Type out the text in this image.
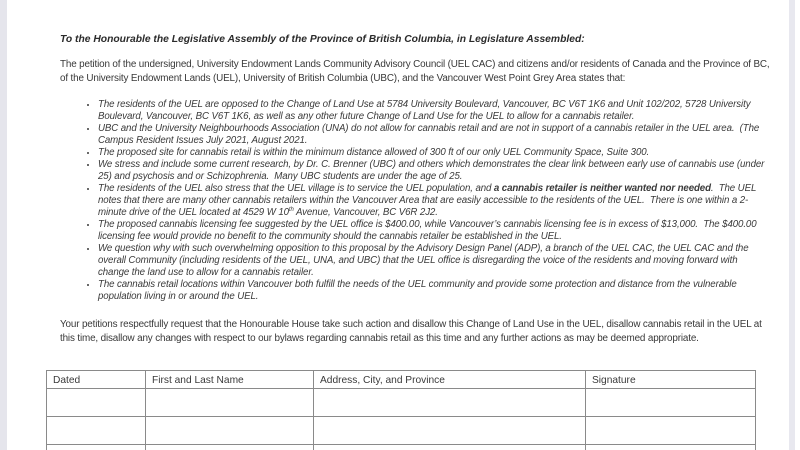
To the Honourable the Legislative Assembly of the Province of British Columbia, in Legislature Assembled:

The petition of the undersigned, University Endowment Lands Community Advisory Council (UEL CAC) and citizens and/or residents of Canada and the Province of BC, of the University Endowment Lands (UEL), University of British Columbia (UBC), and the Vancouver West Point Grey Area states that:

• The residents of the UEL are opposed to the Change of Land Use at 5784 University Boulevard, Vancouver, BC V6T 1K6 and Unit 102/202, 5728 University Boulevard, Vancouver, BC V6T 1K6, as well as any other future Change of Land Use for the UEL to allow for a cannabis retailer.
• UBC and the University Neighbourhoods Association (UNA) do not allow for cannabis retail and are not in support of a cannabis retailer in the UEL area.  (The Campus Resident Issues July 2021, August 2021.
• The proposed site for cannabis retail is within the minimum distance allowed of 300 ft of our only UEL Community Space, Suite 300.
• We stress and include some current research, by Dr. C. Brenner (UBC) and others which demonstrates the clear link between early use of cannabis use (under 25) and psychosis and or Schizophrenia.  Many UBC students are under the age of 25.
• The residents of the UEL also stress that the UEL village is to service the UEL population, and a cannabis retailer is neither wanted nor needed.  The UEL notes that there are many other cannabis retailers within the Vancouver Area that are easily accessible to the residents of the UEL.  There is one within a 2-minute drive of the UEL located at 4529 W 10th Avenue, Vancouver, BC V6R 2J2.
• The proposed cannabis licensing fee suggested by the UEL office is $400.00, while Vancouver’s cannabis licensing fee is in excess of $13,000.  The $400.00 licensing fee would provide no benefit to the community should the cannabis retailer be established in the UEL.
• We question why with such overwhelming opposition to this proposal by the Advisory Design Panel (ADP), a branch of the UEL CAC, the UEL CAC and the overall Community (including residents of the UEL, UNA, and UBC) that the UEL office is disregarding the voice of the residents and moving forward with change the land use to allow for a cannabis retailer.
• The cannabis retail locations within Vancouver both fulfill the needs of the UEL community and provide some protection and distance from the vulnerable population living in or around the UEL.

Your petitions respectfully request that the Honourable House take such action and disallow this Change of Land Use in the UEL, disallow cannabis retail in the UEL at this time, disallow any changes with respect to our bylaws regarding cannabis retail as this time and any further actions as may be deemed appropriate.

Dated	First and Last Name	Address, City, and Province	Signature
